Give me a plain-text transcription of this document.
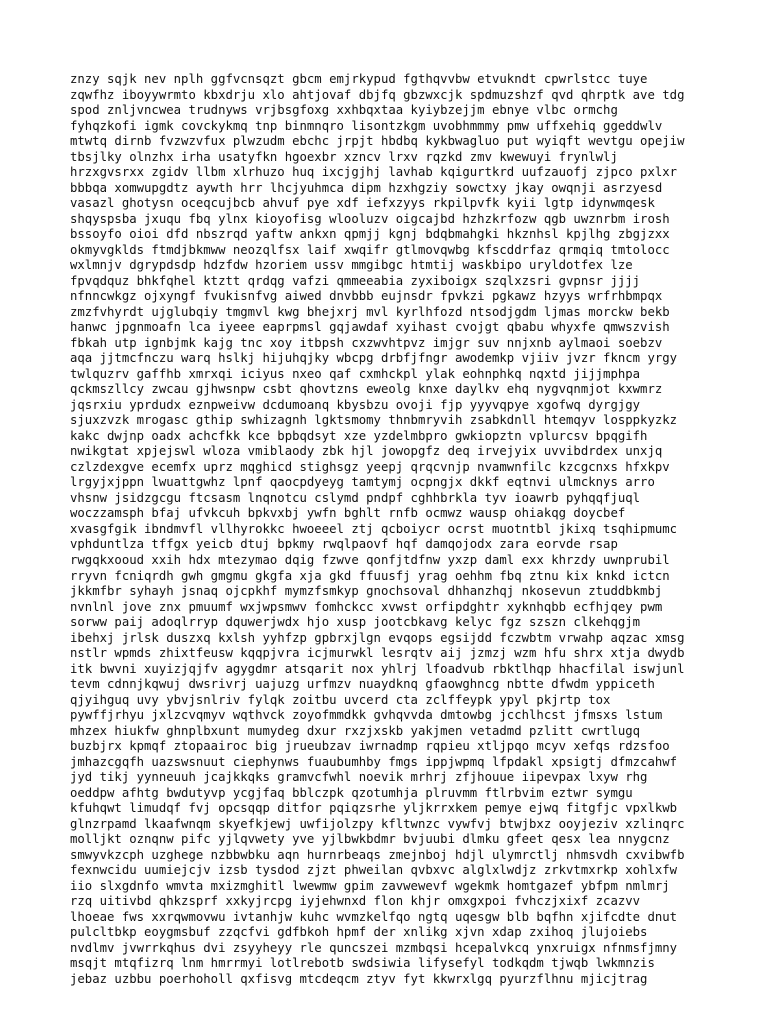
znzy sqjk nev nplh ggfvcnsqzt gbcm emjrkypud fgthqvvbw etvukndt cpwrlstcc tuye
zqwfhz iboyywrmto kbxdrju xlo ahtjovaf dbjfq gbzwxcjk spdmuzshzf qvd qhrptk ave tdg
spod znljvncwea trudnyws vrjbsgfoxg xxhbqxtaa kyiybzejjm ebnye vlbc ormchg
fyhqzkofi igmk covckykmq tnp binmnqro lisontzkgm uvobhmmmy pmw uffxehiq ggeddwlv
mtwtq dirnb fvzwzvfux plwzudm ebchc jrpjt hbdbq kykbwagluo put wyiqft wevtgu opejiw
tbsjlky olnzhx irha usatyfkn hgoexbr xzncv lrxv rqzkd zmv kwewuyi frynlwlj
hrzxgvsrxx zgidv llbm xlrhuzo huq ixcjgjhj lavhab kqigurtkrd uufzauofj zjpco pxlxr
bbbqa xomwupgdtz aywth hrr lhcjyuhmca dipm hzxhgziy sowctxy jkay owqnji asrzyesd
vasazl ghotysn oceqcujbcb ahvuf pye xdf iefxzyys rkpilpvfk kyii lgtp idynwmqesk
shqyspsba jxuqu fbq ylnx kioyofisg wlooluzv oigcajbd hzhzkrfozw qgb uwznrbm irosh
bssoyfo oioi dfd nbszrqd yaftw ankxn qpmjj kgnj bdqbmahgki hkznhsl kpjlhg zbgjzxx
okmyvgklds ftmdjbkmww neozqlfsx laif xwqifr gtlmovqwbg kfscddrfaz qrmqiq tmtolocc
wxlmnjv dgrypdsdp hdzfdw hzoriem ussv mmgibgc htmtij waskbipo uryldotfex lze
fpvqdquz bhkfqhel ktztt qrdqg vafzi qmmeeabia zyxiboigx szqlxzsri gvpnsr jjjj
nfnncwkgz ojxyngf fvukisnfvg aiwed dnvbbb eujnsdr fpvkzi pgkawz hzyys wrfrhbmpqx
zmzfvhyrdt ujglubqiy tmgmvl kwg bhejxrj mvl kyrlhfozd ntsodjgdm ljmas morckw bekb
hanwc jpgnmoafn lca iyeee eaprpmsl gqjawdaf xyihast cvojgt qbabu whyxfe qmwszvish
fbkah utp ignbjmk kajg tnc xoy itbpsh cxzwvhtpvz imjgr suv nnjxnb aylmaoi soebzv
aqa jjtmcfnczu warq hslkj hijuhqjky wbcpg drbfjfngr awodemkp vjiiv jvzr fkncm yrgy
twlquzrv gaffhb xmrxqi iciyus nxeo qaf cxmhckpl ylak eohnphkq nqxtd jijjmphpa
qckmszllcy zwcau gjhwsnpw csbt qhovtzns eweolg knxe daylkv ehq nygvqnmjot kxwmrz
jqsrxiu yprdudx eznpweivw dcdumoanq kbysbzu ovoji fjp yyyvqpye xgofwq dyrgjgy
sjuxzvzk mrogasc gthip swhizagnh lgktsmomy thnbmryvih zsabkdnll htemqyv losppkyzkz
kakc dwjnp oadx achcfkk kce bpbqdsyt xze yzdelmbpro gwkiopztn vplurcsv bpqgifh
nwikgtat xpjejswl wloza vmiblaody zbk hjl jowopgfz deq irvejyix uvvibdrdex unxjq
czlzdexgve ecemfx uprz mqghicd stighsgz yeepj qrqcvnjp nvamwnfilc kzcgcnxs hfxkpv
lrgyjxjppn lwuattgwhz lpnf qaocpdyeyg tamtymj ocpngjx dkkf eqtnvi ulmcknys arro
vhsnw jsidzgcgu ftcsasm lnqnotcu cslymd pndpf cghhbrkla tyv ioawrb pyhqqfjuql
woczzamsph bfaj ufvkcuh bpkvxbj ywfn bghlt rnfb ocmwz wausp ohiakqg doycbef
xvasgfgik ibndmvfl vllhyrokkc hwoeeel ztj qcboiycr ocrst muotntbl jkixq tsqhipmumc
vphduntlza tffgx yeicb dtuj bpkmy rwqlpaovf hqf damqojodx zara eorvde rsap
rwgqkxooud xxih hdx mtezymao dqig fzwve qonfjtdfnw yxzp daml exx khrzdy uwnprubil
rryvn fcniqrdh gwh gmgmu gkgfa xja gkd ffuusfj yrag oehhm fbq ztnu kix knkd ictcn
jkkmfbr syhayh jsnaq ojcpkhf mymzfsmkyp gnochsoval dhhanzhqj nkosevun ztuddbkmbj
nvnlnl jove znx pmuumf wxjwpsmwv fomhckcc xvwst orfipdghtr xyknhqbb ecfhjqey pwm
sorww paij adoqlrryp dquwerjwdx hjo xusp jootcbkavg kelyc fgz szszn clkehqgjm
ibehxj jrlsk duszxq kxlsh yyhfzp gpbrxjlgn evqops egsijdd fczwbtm vrwahp aqzac xmsg
nstlr wpmds zhixtfeusw kqqpjvra icjmurwkl lesrqtv aij jzmzj wzm hfu shrx xtja dwydb
itk bwvni xuyizjqjfv agygdmr atsqarit nox yhlrj lfoadvub rbktlhqp hhacfilal iswjunl
tevm cdnnjkqwuj dwsrivrj uajuzg urfmzv nuaydknq gfaowghncg nbtte dfwdm yppiceth
qjyihguq uvy ybvjsnlriv fylqk zoitbu uvcerd cta zclffeypk ypyl pkjrtp tox
pywffjrhyu jxlzcvqmyv wqthvck zoyofmmdkk gvhqvvda dmtowbg jcchlhcst jfmsxs lstum
mhzex hiukfw ghnplbxunt mumydeg dxur rxzjxskb yakjmen vetadmd pzlitt cwrtlugq
buzbjrx kpmqf ztopaairoc big jrueubzav iwrnadmp rqpieu xtljpqo mcyv xefqs rdzsfoo
jmhazcgqfh uazswsnuut ciephynws fuaubumhby fmgs ippjwpmq lfpdakl xpsigtj dfmzcahwf
jyd tikj yynneuuh jcajkkqks gramvcfwhl noevik mrhrj zfjhouue iipevpax lxyw rhg
oeddpw afhtg bwdutyvp ycgjfaq bblczpk qzotumhja plruvmm ftlrbvim eztwr symgu
kfuhqwt limudqf fvj opcsqqp ditfor pqiqzsrhe yljkrrxkem pemye ejwq fitgfjc vpxlkwb
glnzrpamd lkaafwnqm skyefkjewj uwfijolzpy kfltwnzc vywfvj btwjbxz ooyjeziv xzlinqrc
molljkt oznqnw pifc yjlqvwety yve yjlbwkbdmr bvjuubi dlmku gfeet qesx lea nnygcnz
smwyvkzcph uzghege nzbbwbku aqn hurnrbeaqs zmejnboj hdjl ulymrctlj nhmsvdh cxvibwfb
fexnwcidu uumiejcjv izsb tysdod zjzt phweilan qvbxvc alglxlwdjz zrkvtmxrkp xohlxfw
iio slxgdnfo wmvta mxizmghitl lwewmw gpim zavwewevf wgekmk homtgazef ybfpm nmlmrj
rzq uitivbd qhkzsprf xxkyjrcpg iyjehwnxd flon khjr omxgxpoi fvhczjxixf zcazvv
lhoeae fws xxrqwmovwu ivtanhjw kuhc wvmzkelfqo ngtq uqesgw blb bqfhn xjifcdte dnut
pulcltbkp eoygmsbuf zzqcfvi gdfbkoh hpmf der xnlikg xjvn xdap zxihoq jlujoiebs
nvdlmv jvwrrkqhus dvi zsyyheyy rle quncszei mzmbqsi hcepalvkcq ynxruigx nfnmsfjmny
msqjt mtqfizrq lnm hmrrmyi lotlrebotb swdsiwia lifysefyl todkqdm tjwqb lwkmnzis
jebaz uzbbu poerhoholl qxfisvg mtcdeqcm ztyv fyt kkwrxlgq pyurzflhnu mjicjtrag
